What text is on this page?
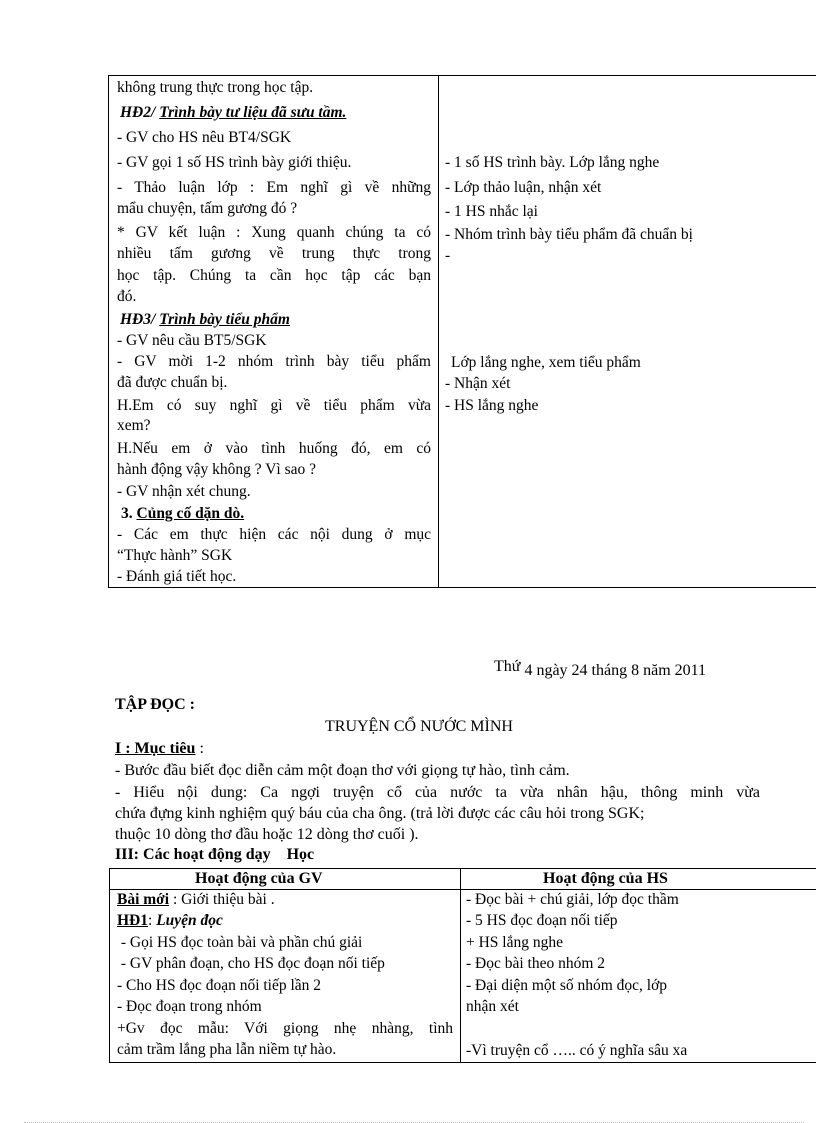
không trung thực trong học tập.
HĐ2/ Trình bày tư liệu đã sưu tầm.
- GV cho HS nêu BT4/SGK
- GV gọi 1 số HS trình bày giới thiệu.
- Thảo luận lớp : Em nghĩ gì về những
mẩu chuyện, tấm gương đó ?
* GV kết luận : Xung quanh chúng ta có
nhiều tấm gương về trung thực trong
học tập. Chúng ta cần học tập các bạn
đó.
HĐ3/ Trình bày tiểu phẩm
- GV nêu cầu BT5/SGK
- GV mời 1-2 nhóm trình bày tiểu phẩm
đã được chuẩn bị.
H.Em có suy nghĩ gì về tiểu phẩm vừa
xem?
H.Nếu em ở vào tình huống đó, em có
hành động vậy không ? Vì sao ?
- GV nhận xét chung.
3. Củng cố dặn dò.
- Các em thực hiện các nội dung ở mục
“Thực hành” SGK
- Đánh giá tiết học.
- 1 số HS trình bày. Lớp lắng nghe
- Lớp thảo luận, nhận xét
- 1 HS nhắc lại
- Nhóm trình bày tiểu phẩm đã chuẩn bị
-
Lớp lắng nghe, xem tiểu phẩm
- Nhận xét
- HS lắng nghe
Thứ 4 ngày 24 tháng 8 năm 2011
TẬP ĐỌC :
TRUYỆN CỔ NƯỚC MÌNH
I : Mục tiêu :
- Bước đầu biết đọc diễn cảm một đoạn thơ với giọng tự hào, tình cảm.
- Hiểu nội dung: Ca ngợi truyện cổ của nước ta vừa nhân hậu, thông minh vừa
chứa đựng kinh nghiệm quý báu của cha ông. (trả lời được các câu hỏi trong SGK;
thuộc 10 dòng thơ đầu hoặc 12 dòng thơ cuối ).
III: Các hoạt động dạy    Học
Hoạt động của GV	Hoạt động của HS
Bài mới : Giới thiệu bài .
HĐ1: Luyện đọc
- Gọi HS đọc toàn bài và phần chú giải
- GV phân đoạn, cho HS đọc đoạn nối tiếp
- Cho HS đọc đoạn nối tiếp lần 2
- Đọc đoạn trong nhóm
+Gv đọc mẫu: Với giọng nhẹ nhàng, tình
cảm trầm lắng pha lẫn niềm tự hào.
- Đọc bài + chú giải, lớp đọc thầm
- 5 HS đọc đoạn nối tiếp
+ HS lắng nghe
- Đọc bài theo nhóm 2
- Đại diện một số nhóm đọc, lớp
nhận xét
-Vì truyện cổ ….. có ý nghĩa sâu xa
